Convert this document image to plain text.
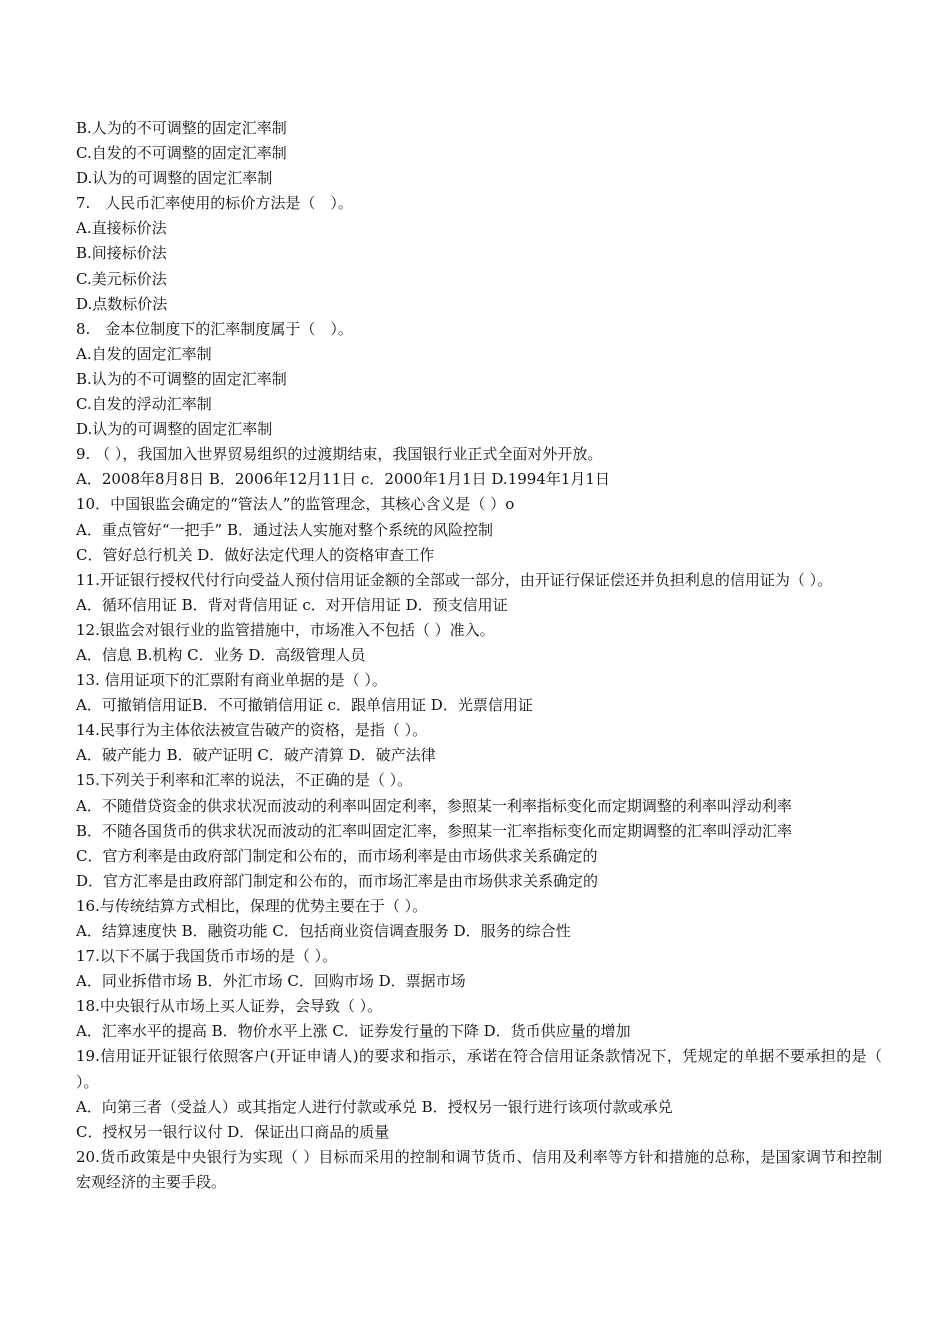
B.人为的不可调整的固定汇率制
C.自发的不可调整的固定汇率制
D.认为的可调整的固定汇率制
7.　人民币汇率使用的标价方法是（　）。
A.直接标价法
B.间接标价法
C.美元标价法
D.点数标价法
8.　金本位制度下的汇率制度属于（　）。
A.自发的固定汇率制
B.认为的不可调整的固定汇率制
C.自发的浮动汇率制
D.认为的可调整的固定汇率制
9. （ ），我国加入世界贸易组织的过渡期结束，我国银行业正式全面对外开放。
A．2008年8月8日 B．2006年12月11日 c．2000年1月1日 D.1994年1月1日
10．中国银监会确定的“管法人”的监管理念，其核心含义是（ ）o
A．重点管好“一把手” B．通过法人实施对整个系统的风险控制
C．管好总行机关 D．做好法定代理人的资格审查工作
11.开证银行授权代付行向受益人预付信用证金额的全部或一部分，由开证行保证偿还并负担利息的信用证为（ ）。
A．循环信用证 B．背对背信用证 c．对开信用证 D．预支信用证
12.银监会对银行业的监管措施中，市场准入不包括（ ）准入。
A．信息 B.机构 C．业务 D．高级管理人员
13. 信用证项下的汇票附有商业单据的是（ ）。
A．可撤销信用证B．不可撤销信用证 c．跟单信用证 D．光票信用证
14.民事行为主体依法被宣告破产的资格，是指（ ）。
A．破产能力 B．破产证明 C．破产清算 D．破产法律
15.下列关于利率和汇率的说法，不正确的是（ ）。
A．不随借贷资金的供求状况而波动的利率叫固定利率，参照某一利率指标变化而定期调整的利率叫浮动利率
B．不随各国货币的供求状况而波动的汇率叫固定汇率，参照某一汇率指标变化而定期调整的汇率叫浮动汇率
C．官方利率是由政府部门制定和公布的，而市场利率是由市场供求关系确定的
D．官方汇率是由政府部门制定和公布的，而市场汇率是由市场供求关系确定的
16.与传统结算方式相比，保理的优势主要在于（ ）。
A．结算速度快 B．融资功能 C．包括商业资信调查服务 D．服务的综合性
17.以下不属于我国货币市场的是（ ）。
A．同业拆借市场 B．外汇市场 C．回购市场 D．票据市场
18.中央银行从市场上买人证券，会导致（ ）。
A．汇率水平的提高 B．物价水平上涨 C．证券发行量的下降 D．货币供应量的增加
19.信用证开证银行依照客户(开证申请人)的要求和指示，承诺在符合信用证条款情况下，凭规定的单据不要承担的是（ ）。
A．向第三者（受益人）或其指定人进行付款或承兑 B．授权另一银行进行该项付款或承兑
C．授权另一银行议付 D．保证出口商品的质量
20.货币政策是中央银行为实现（ ）目标而采用的控制和调节货币、信用及利率等方针和措施的总称，是国家调节和控制宏观经济的主要手段。
